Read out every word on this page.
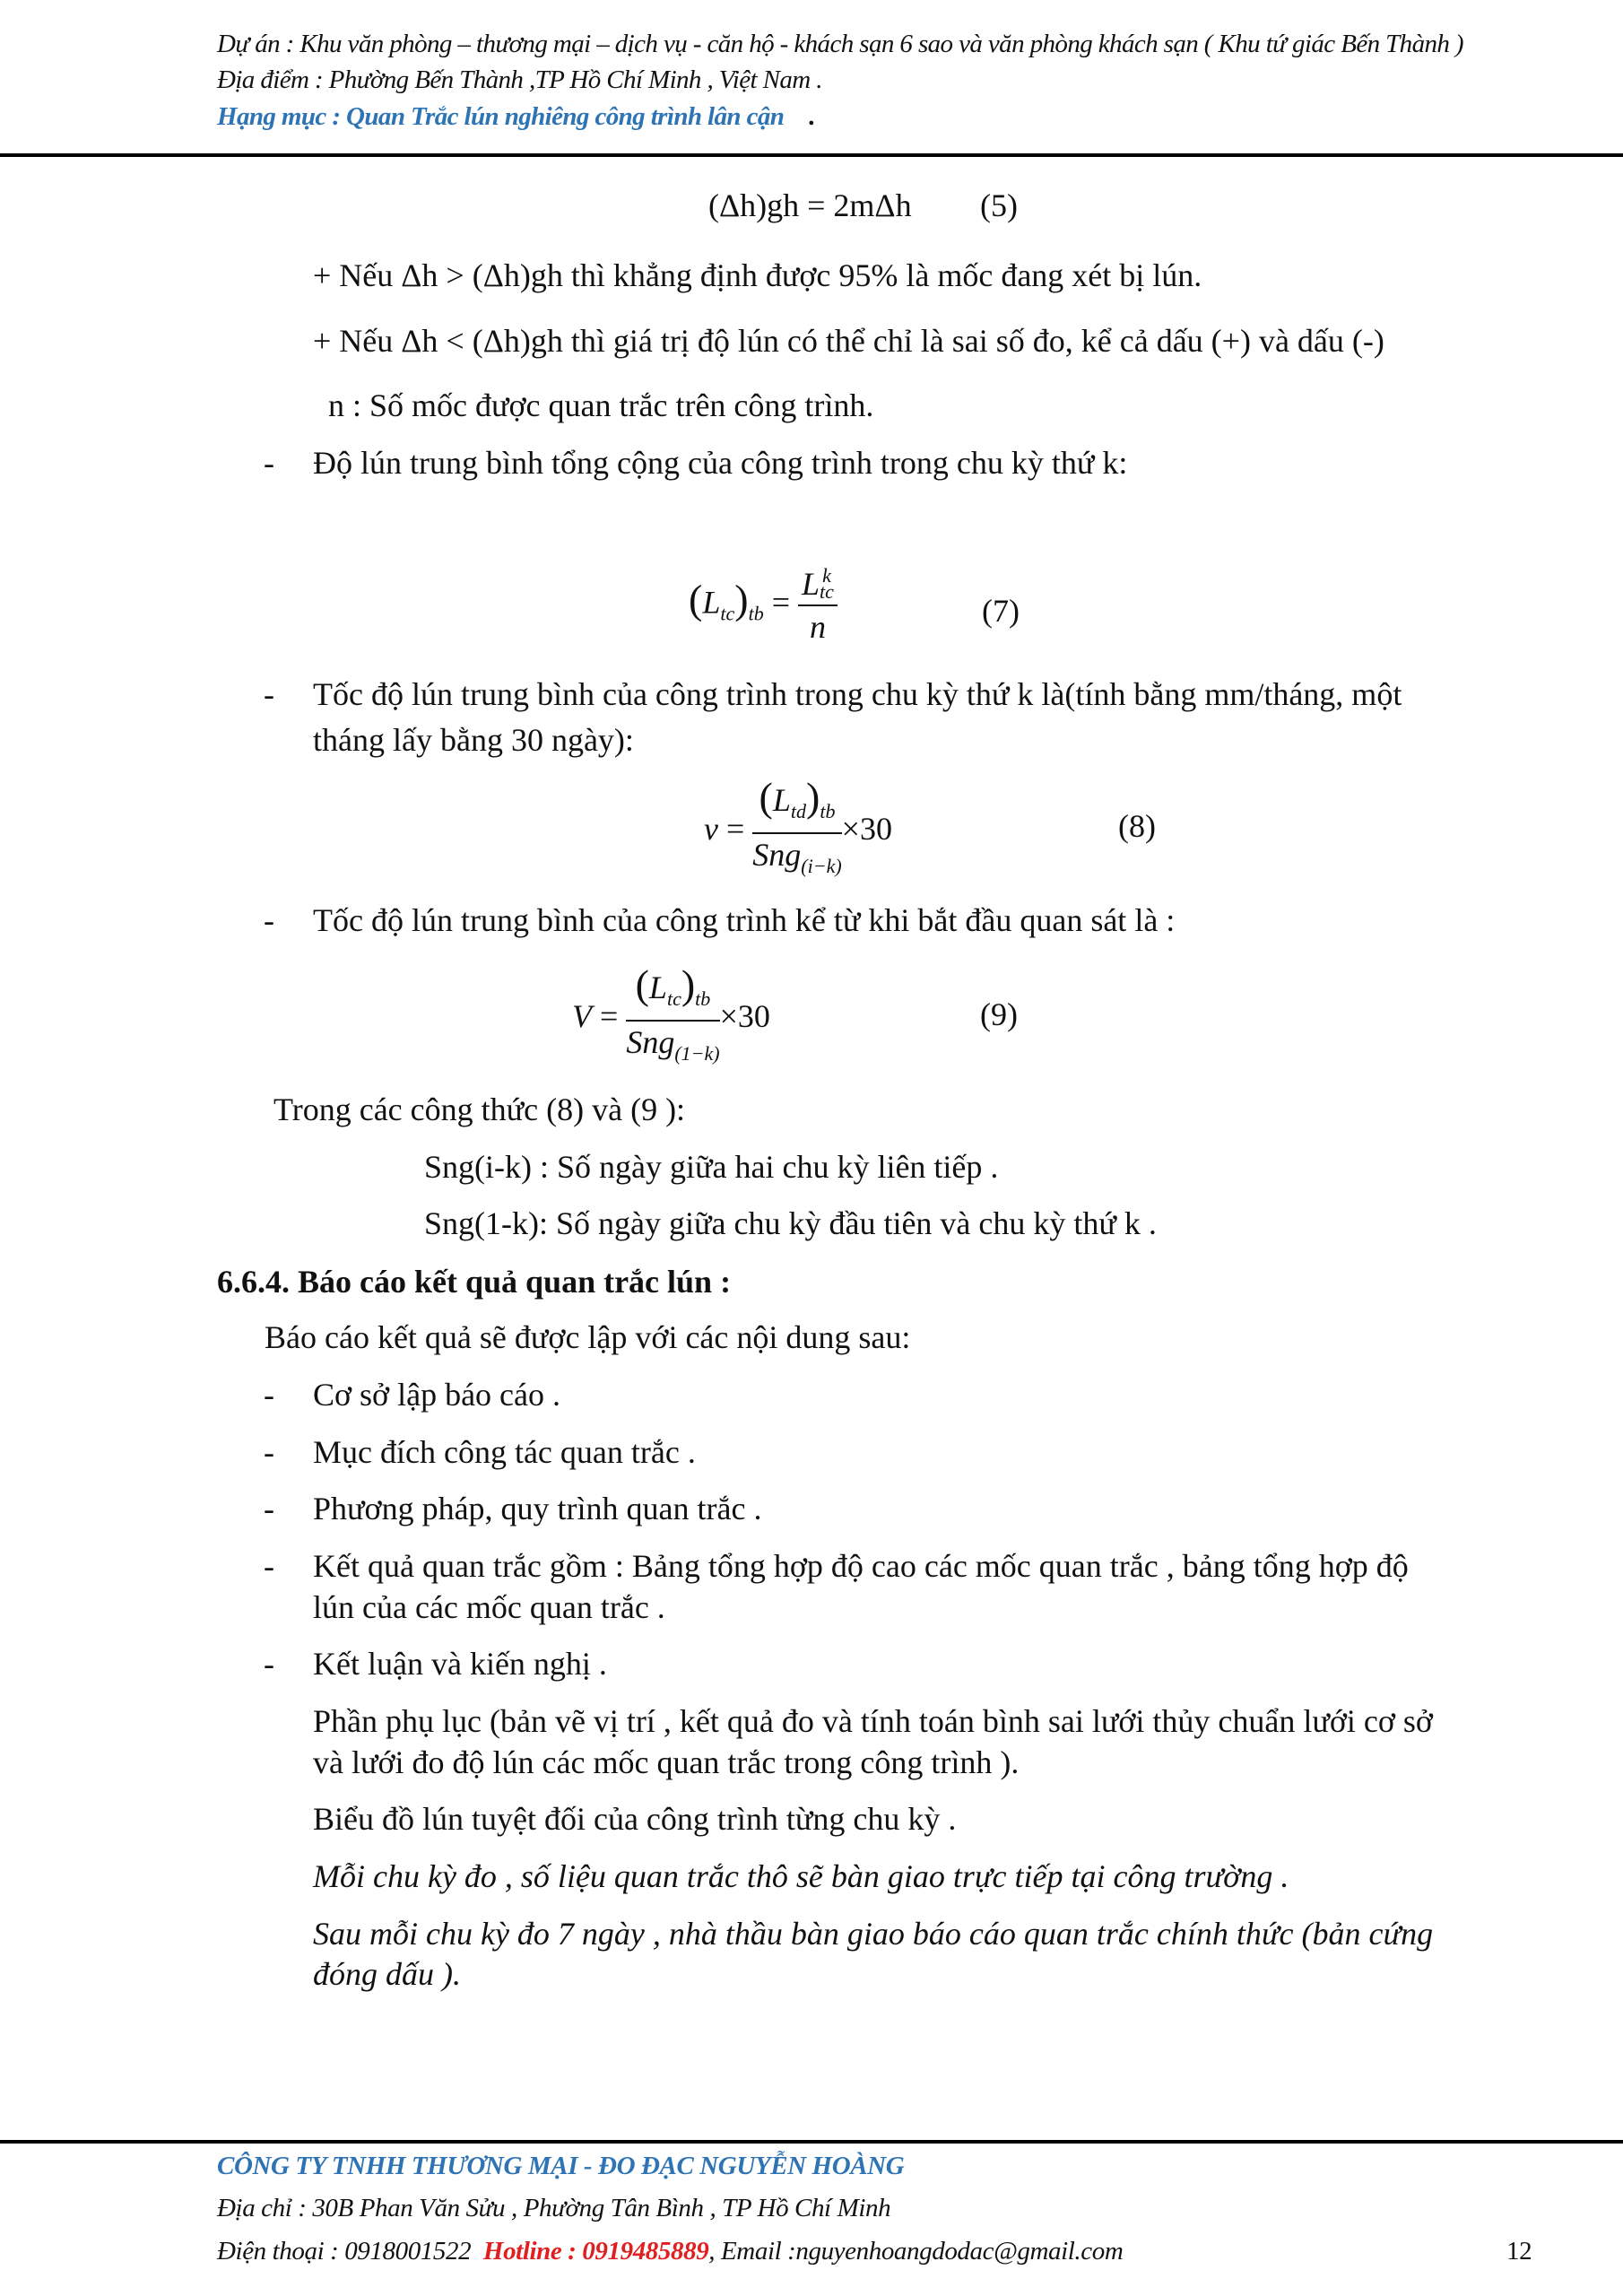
Dự án : Khu văn phòng – thương mại – dịch vụ - căn hộ - khách sạn 6 sao và văn phòng khách sạn ( Khu tứ giác Bến Thành )
Địa điểm : Phường Bến Thành ,TP Hồ Chí Minh , Việt Nam .
Hạng mục : Quan Trắc lún nghiêng công trình lân cận .
(Δh)gh = 2mΔh (5)
+ Nếu Δh > (Δh)gh thì khẳng định được 95% là mốc đang xét bị lún.
+ Nếu Δh < (Δh)gh thì giá trị độ lún có thể chỉ là sai số đo, kể cả dấu (+) và dấu (-)
n : Số mốc được quan trắc trên công trình.
- Độ lún trung bình tổng cộng của công trình trong chu kỳ thứ k:
$(L_{tc})_{tb} = L$ k
tc
n	(7)
- Tốc độ lún trung bình của công trình trong chu kỳ thứ k là(tính bằng mm/tháng, một
tháng lấy bằng 30 ngày):
$v = \frac{(L_{td})_{tb}}{Sng_{(i-k)}} \times 30$	(8)
- Tốc độ lún trung bình của công trình kể từ khi bắt đầu quan sát là :
$V = \frac{(L_{tc})_{tb}}{Sng_{(1-k)}} \times 30$	(9)
Trong các công thức (8) và (9 ):
Sng(i-k) : Số ngày giữa hai chu kỳ liên tiếp .
Sng(1-k): Số ngày giữa chu kỳ đầu tiên và chu kỳ thứ k .
6.6.4. Báo cáo kết quả quan trắc lún :
Báo cáo kết quả sẽ được lập với các nội dung sau:
- Cơ sở lập báo cáo .
- Mục đích công tác quan trắc .
- Phương pháp, quy trình quan trắc .
- Kết quả quan trắc gồm : Bảng tổng hợp độ cao các mốc quan trắc , bảng tổng hợp độ
lún của các mốc quan trắc .
- Kết luận và kiến nghị .
Phần phụ lục (bản vẽ vị trí , kết quả đo và tính toán bình sai lưới thủy chuẩn lưới cơ sở
và lưới đo độ lún các mốc quan trắc trong công trình ).
Biểu đồ lún tuyệt đối của công trình từng chu kỳ .
Mỗi chu kỳ đo , số liệu quan trắc thô sẽ bàn giao trực tiếp tại công trường .
Sau mỗi chu kỳ đo 7 ngày , nhà thầu bàn giao báo cáo quan trắc chính thức (bản cứng
đóng dấu ).
CÔNG TY TNHH THƯƠNG MẠI - ĐO ĐẠC NGUYỄN HOÀNG
Địa chỉ : 30B Phan Văn Sửu , Phường Tân Bình , TP Hồ Chí Minh
Điện thoại : 0918001522 Hotline : 0919485889, Email :nguyenhoangdodac@gmail.com	12
